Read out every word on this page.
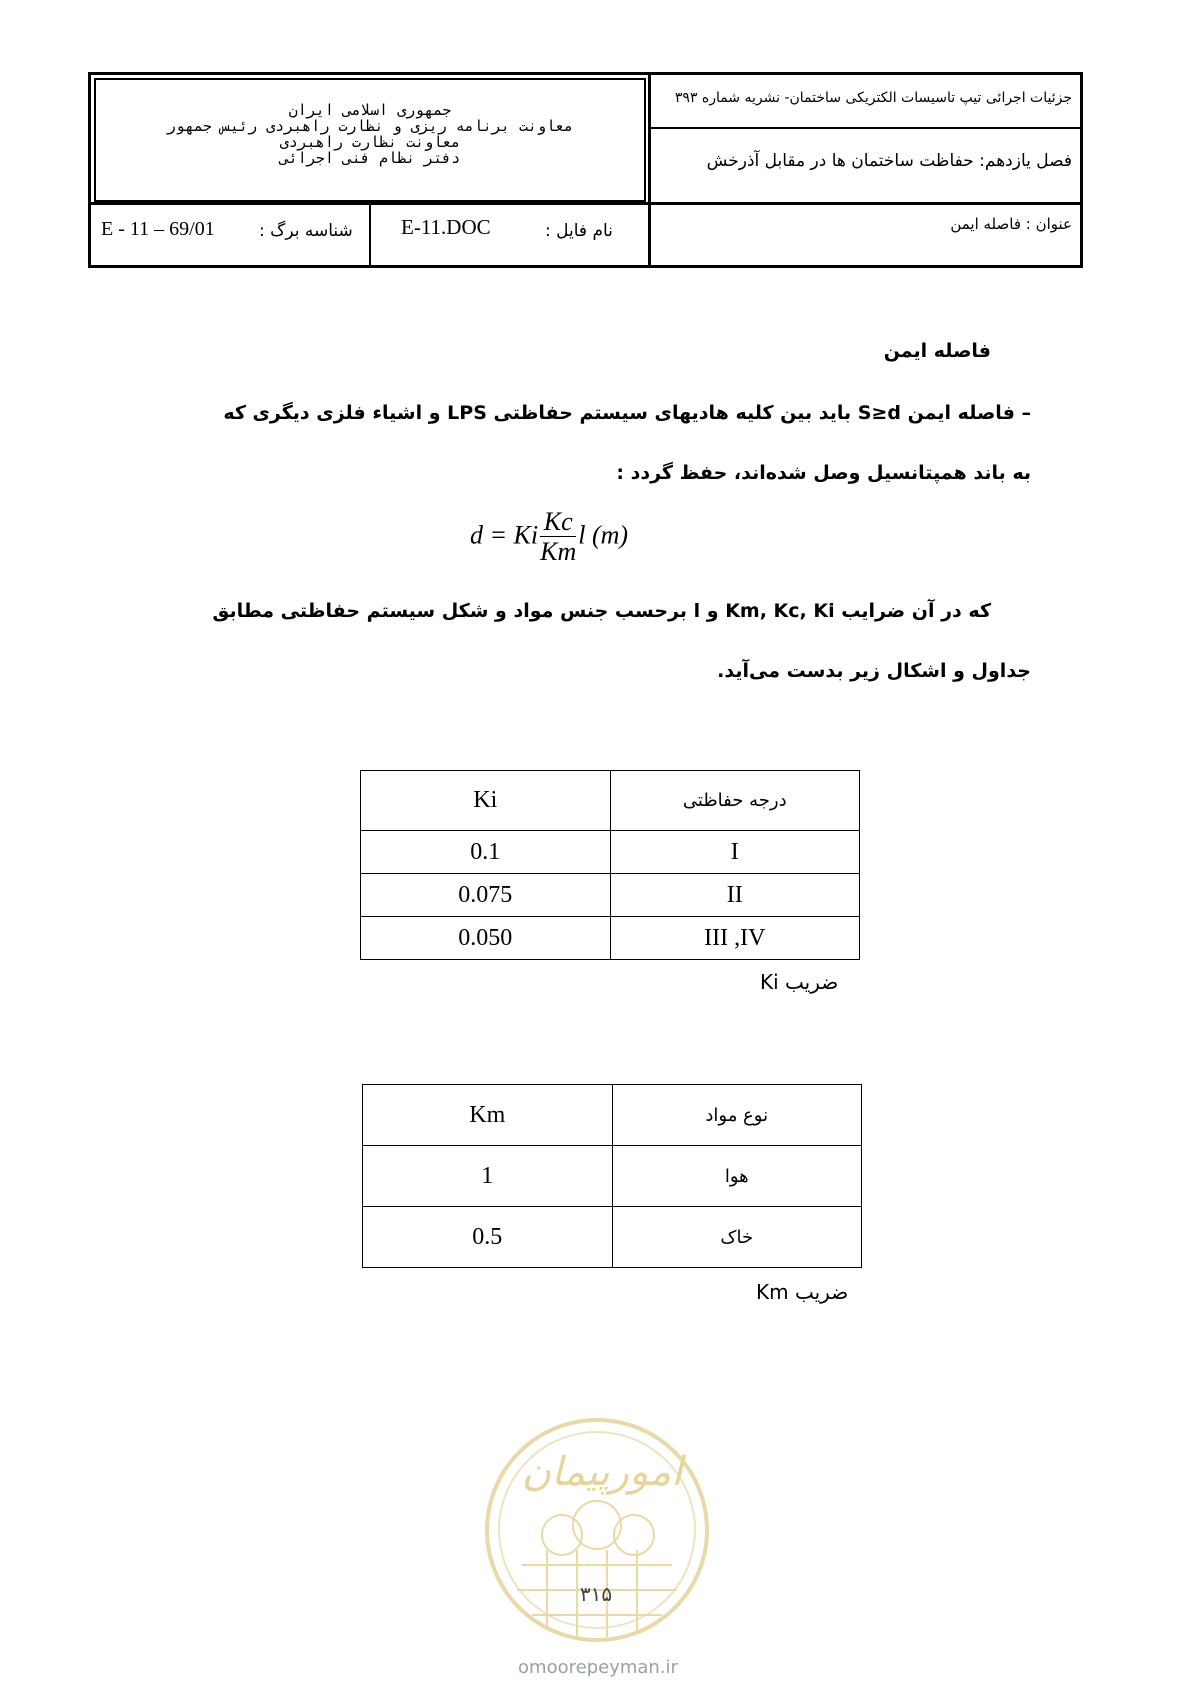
جمهوری اسلامی ایران
معاونت برنامه ریزی و نظارت راهبردی رئیس جمهور
معاونت نظارت راهبردی
دفتر نظام فنی اجرائی
جزئیات اجرائی تیپ تاسیسات الکتریکی ساختمان- نشریه شماره ۳۹۳
فصل یازدهم: حفاظت ساختمان ها در مقابل آذرخش
عنوان : فاصله ایمن
نام فایل :
E-11.DOC
شناسه برگ :
E - 11 – 69/01
فاصله ایمن
– فاصله ایمن S≥d باید بین کلیه هادیهای سیستم حفاظتی LPS و اشیاء فلزی دیگری که
به باند همپتانسیل وصل شده‌اند، حفظ گردد :
d = Ki $\frac{Kc}{Km}$ l (m)
که در آن ضرایب Km, Kc, Ki و l برحسب جنس مواد و شکل سیستم حفاظتی مطابق
جداول و اشکال زیر بدست می‌آید.
Ki	درجه حفاظتی
0.1	I
0.075	II
0.050	III ,IV
ضریب Ki
Km	نوع مواد
1	هوا
0.5	خاک
ضریب Km
امورپیمان
۳۱۵
omoorepeyman.ir
